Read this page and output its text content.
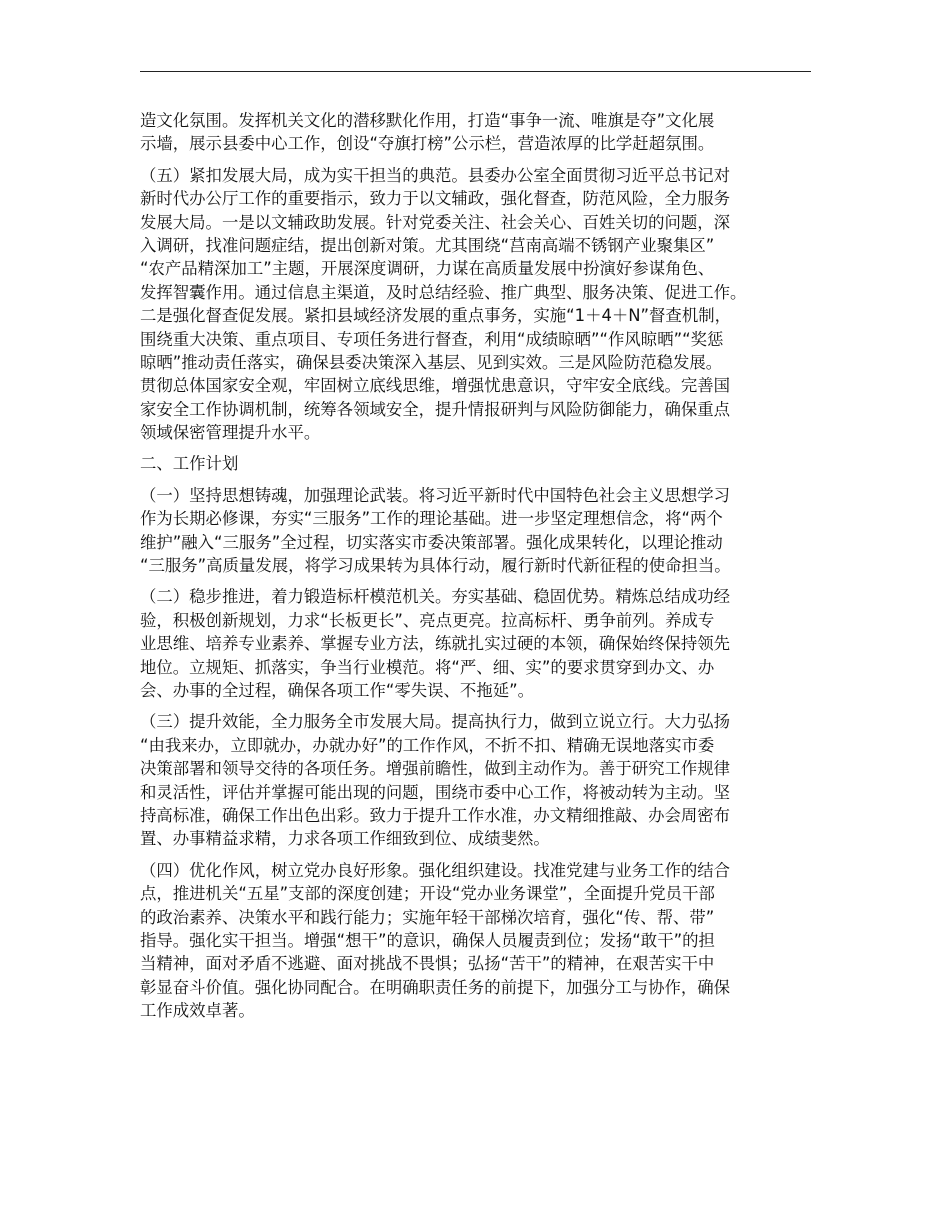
造文化氛围。发挥机关文化的潜移默化作用，打造“事争一流、唯旗是夺”文化展
示墙，展示县委中心工作，创设“夺旗打榜”公示栏，营造浓厚的比学赶超氛围。
（五）紧扣发展大局，成为实干担当的典范。县委办公室全面贯彻习近平总书记对
新时代办公厅工作的重要指示，致力于以文辅政，强化督查，防范风险，全力服务
发展大局。一是以文辅政助发展。针对党委关注、社会关心、百姓关切的问题，深
入调研，找准问题症结，提出创新对策。尤其围绕“莒南高端不锈钢产业聚集区”
“农产品精深加工”主题，开展深度调研，力谋在高质量发展中扮演好参谋角色、
发挥智囊作用。通过信息主渠道，及时总结经验、推广典型、服务决策、促进工作。
二是强化督查促发展。紧扣县域经济发展的重点事务，实施“1＋4＋N”督查机制，
围绕重大决策、重点项目、专项任务进行督查，利用“成绩晾晒”“作风晾晒”“奖惩
晾晒”推动责任落实，确保县委决策深入基层、见到实效。三是风险防范稳发展。
贯彻总体国家安全观，牢固树立底线思维，增强忧患意识，守牢安全底线。完善国
家安全工作协调机制，统筹各领域安全，提升情报研判与风险防御能力，确保重点
领域保密管理提升水平。
二、工作计划
（一）坚持思想铸魂，加强理论武装。将习近平新时代中国特色社会主义思想学习
作为长期必修课，夯实“三服务”工作的理论基础。进一步坚定理想信念，将“两个
维护”融入“三服务”全过程，切实落实市委决策部署。强化成果转化，以理论推动
“三服务”高质量发展，将学习成果转为具体行动，履行新时代新征程的使命担当。
（二）稳步推进，着力锻造标杆模范机关。夯实基础、稳固优势。精炼总结成功经
验，积极创新规划，力求“长板更长”、亮点更亮。拉高标杆、勇争前列。养成专
业思维、培养专业素养、掌握专业方法，练就扎实过硬的本领，确保始终保持领先
地位。立规矩、抓落实，争当行业模范。将“严、细、实”的要求贯穿到办文、办
会、办事的全过程，确保各项工作“零失误、不拖延”。
（三）提升效能，全力服务全市发展大局。提高执行力，做到立说立行。大力弘扬
“由我来办，立即就办，办就办好”的工作作风，不折不扣、精确无误地落实市委
决策部署和领导交待的各项任务。增强前瞻性，做到主动作为。善于研究工作规律
和灵活性，评估并掌握可能出现的问题，围绕市委中心工作，将被动转为主动。坚
持高标准，确保工作出色出彩。致力于提升工作水准，办文精细推敲、办会周密布
置、办事精益求精，力求各项工作细致到位、成绩斐然。
（四）优化作风，树立党办良好形象。强化组织建设。找准党建与业务工作的结合
点，推进机关“五星”支部的深度创建；开设“党办业务课堂”，全面提升党员干部
的政治素养、决策水平和践行能力；实施年轻干部梯次培育，强化“传、帮、带”
指导。强化实干担当。增强“想干”的意识，确保人员履责到位；发扬“敢干”的担
当精神，面对矛盾不逃避、面对挑战不畏惧；弘扬“苦干”的精神，在艰苦实干中
彰显奋斗价值。强化协同配合。在明确职责任务的前提下，加强分工与协作，确保
工作成效卓著。
